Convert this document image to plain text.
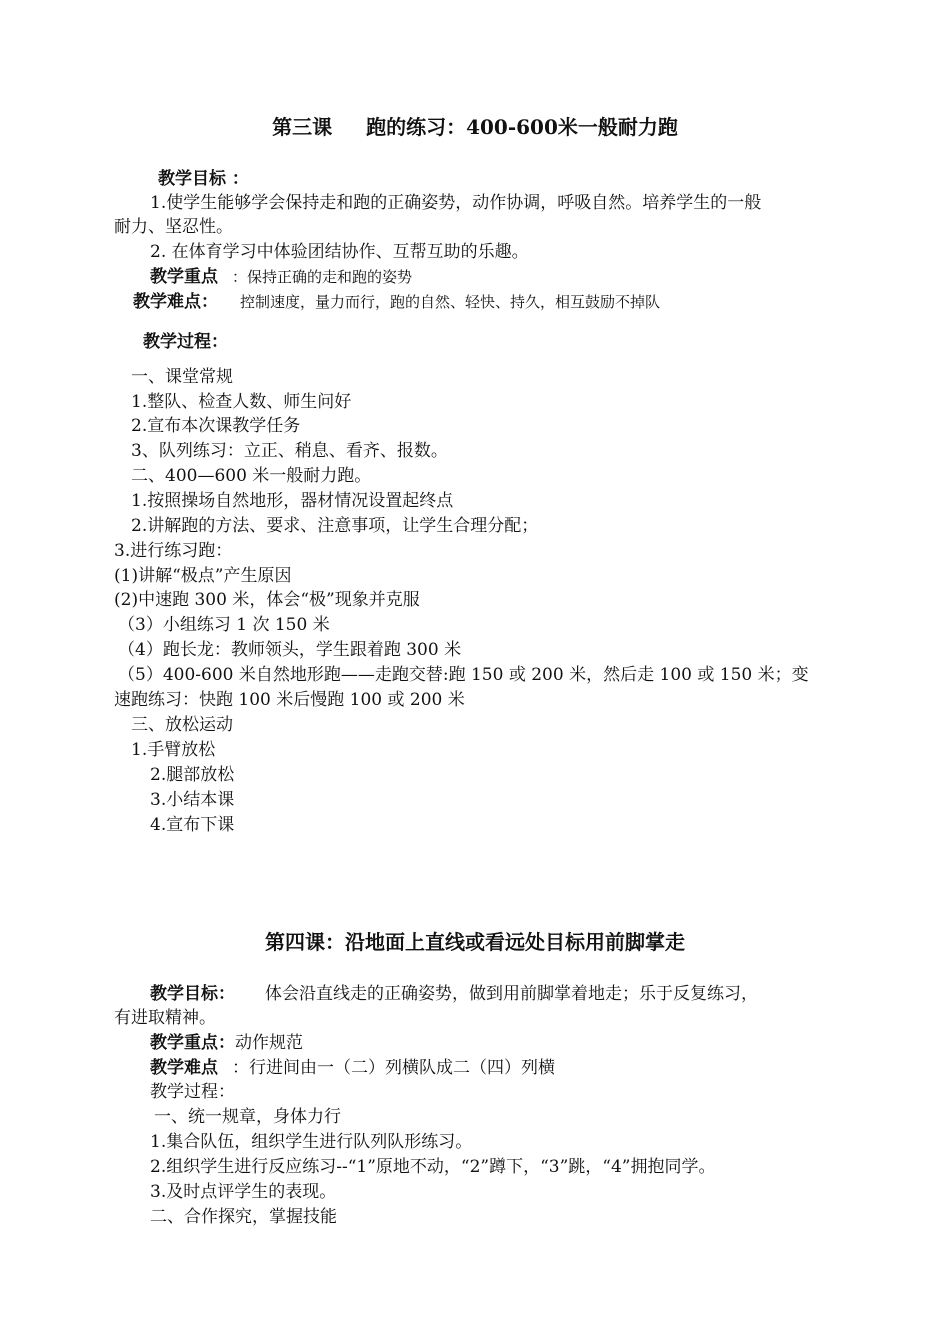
第三课 跑的练习：400-600米一般耐力跑
教学目标 ：
1.使学生能够学会保持走和跑的正确姿势，动作协调，呼吸自然。培养学生的一般
耐力、坚忍性。
2. 在体育学习中体验团结协作、互帮互助的乐趣。
教学重点 ：保持正确的走和跑的姿势
教学难点： 控制速度，量力而行，跑的自然、轻快、持久，相互鼓励不掉队
教学过程：
一、课堂常规
1.整队、检查人数、师生问好
2.宣布本次课教学任务
3、队列练习：立正、稍息、看齐、报数。
二、400—600 米一般耐力跑。
1.按照操场自然地形，器材情况设置起终点
2.讲解跑的方法、要求、注意事项，让学生合理分配；
3.进行练习跑：
(1)讲解“极点”产生原因
(2)中速跑 300 米，体会“极”现象并克服
（3）小组练习 1 次 150 米
（4）跑长龙：教师领头，学生跟着跑 300 米
（5）400-600 米自然地形跑——走跑交替:跑 150 或 200 米，然后走 100 或 150 米；变
速跑练习：快跑 100 米后慢跑 100 或 200 米
三、放松运动
1.手臂放松
2.腿部放松
3.小结本课
4.宣布下课
第四课：沿地面上直线或看远处目标用前脚掌走
教学目标： 体会沿直线走的正确姿势，做到用前脚掌着地走；乐于反复练习，
有进取精神。
教学重点：动作规范
教学难点 ：行进间由一（二）列横队成二（四）列横
教学过程：
一、统一规章，身体力行
1.集合队伍，组织学生进行队列队形练习。
2.组织学生进行反应练习--“1”原地不动，“2”蹲下，“3”跳，“4”拥抱同学。
3.及时点评学生的表现。
二、合作探究，掌握技能
